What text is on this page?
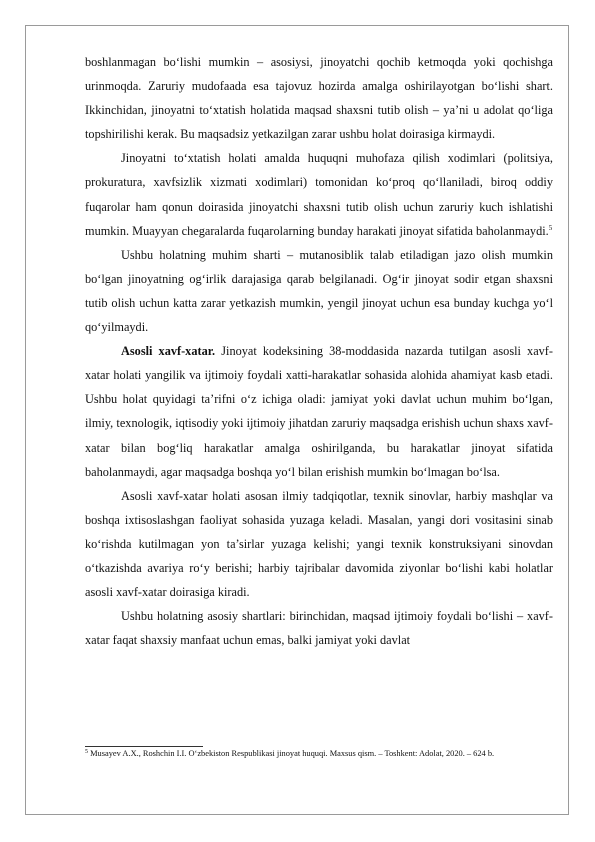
boshlanmagan bo‘lishi mumkin – asosiysi, jinoyatchi qochib ketmoqda yoki qochishga urinmoqda. Zaruriy mudofaada esa tajovuz hozirda amalga oshirilayotgan bo‘lishi shart. Ikkinchidan, jinoyatni to‘xtatish holatida maqsad shaxsni tutib olish – ya’ni u adolat qo‘liga topshirilishi kerak. Bu maqsadsiz yetkazilgan zarar ushbu holat doirasiga kirmaydi.

Jinoyatni to‘xtatish holati amalda huquqni muhofaza qilish xodimlari (politsiya, prokuratura, xavfsizlik xizmati xodimlari) tomonidan ko‘proq qo‘llaniladi, biroq oddiy fuqarolar ham qonun doirasida jinoyatchi shaxsni tutib olish uchun zaruriy kuch ishlatishi mumkin. Muayyan chegaralarda fuqarolarning bunday harakati jinoyat sifatida baholanmaydi.$^5$

Ushbu holatning muhim sharti – mutanosiblik talab etiladigan jazo olish mumkin bo‘lgan jinoyatning og‘irlik darajasiga qarab belgilanadi. Og‘ir jinoyat sodir etgan shaxsni tutib olish uchun katta zarar yetkazish mumkin, yengil jinoyat uchun esa bunday kuchga yo‘l qo‘yilmaydi.

Asosli xavf-xatar. Jinoyat kodeksining 38-moddasida nazarda tutilgan asosli xavf-xatar holati yangilik va ijtimoiy foydali xatti-harakatlar sohasida alohida ahamiyat kasb etadi. Ushbu holat quyidagi ta’rifni o‘z ichiga oladi: jamiyat yoki davlat uchun muhim bo‘lgan, ilmiy, texnologik, iqtisodiy yoki ijtimoiy jihatdan zaruriy maqsadga erishish uchun shaxs xavf-xatar bilan bog‘liq harakatlar amalga oshirilganda, bu harakatlar jinoyat sifatida baholanmaydi, agar maqsadga boshqa yo‘l bilan erishish mumkin bo‘lmagan bo‘lsa.

Asosli xavf-xatar holati asosan ilmiy tadqiqotlar, texnik sinovlar, harbiy mashqlar va boshqa ixtisoslashgan faoliyat sohasida yuzaga keladi. Masalan, yangi dori vositasini sinab ko‘rishda kutilmagan yon ta’sirlar yuzaga kelishi; yangi texnik konstruksiyani sinovdan o‘tkazishda avariya ro‘y berishi; harbiy tajribalar davomida ziyonlar bo‘lishi kabi holatlar asosli xavf-xatar doirasiga kiradi.

Ushbu holatning asosiy shartlari: birinchidan, maqsad ijtimoiy foydali bo‘lishi – xavf-xatar faqat shaxsiy manfaat uchun emas, balki jamiyat yoki davlat

$^5$ Musayev A.X., Roshchin I.I. O‘zbekiston Respublikasi jinoyat huquqi. Maxsus qism. – Toshkent: Adolat, 2020. – 624 b.
